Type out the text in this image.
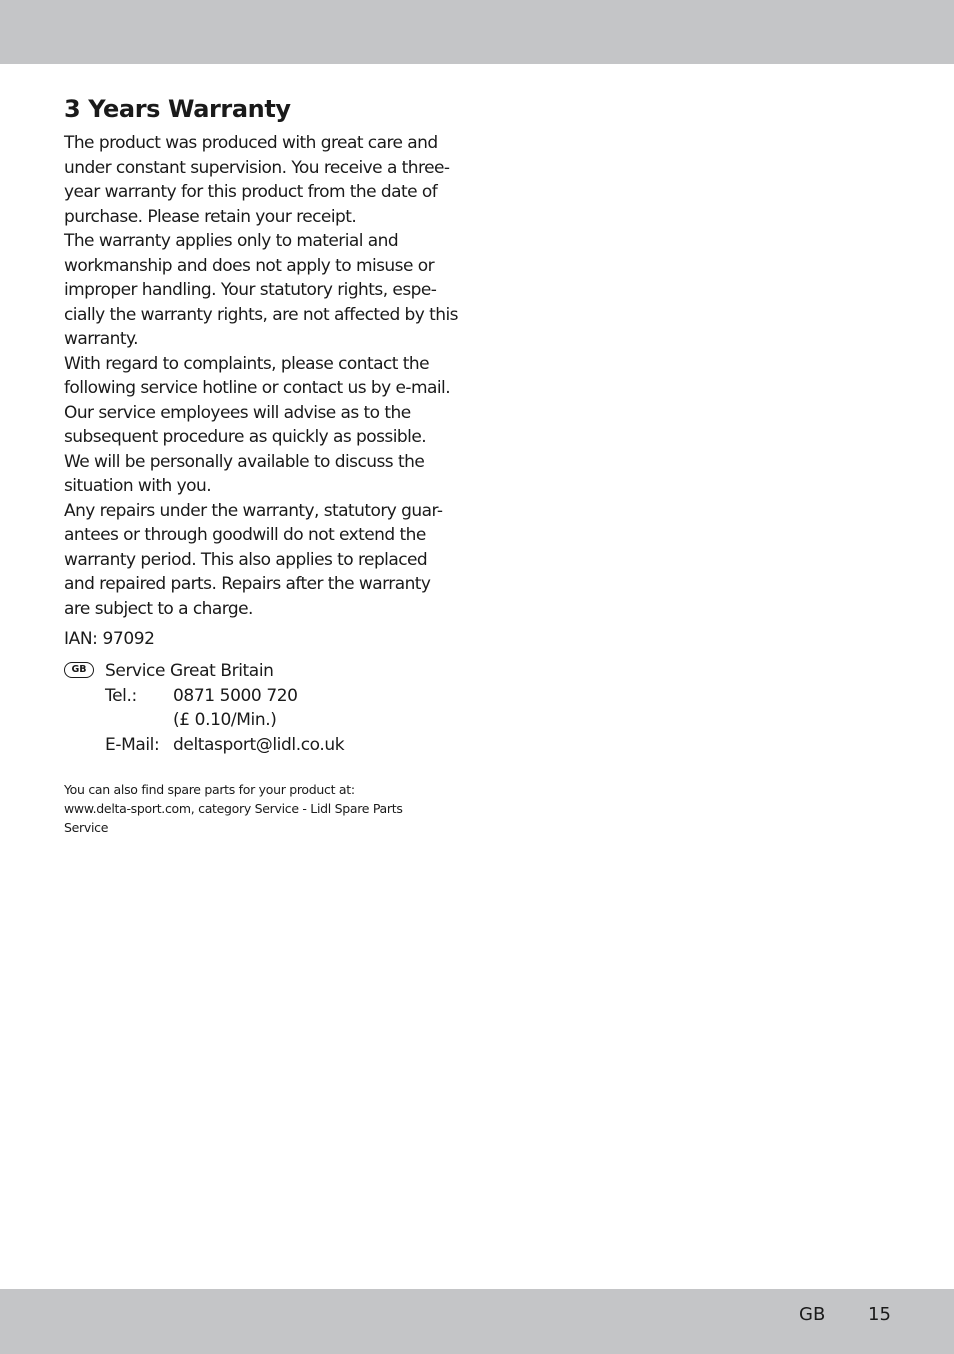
3 Years Warranty

The product was produced with great care and
under constant supervision. You receive a three-
year warranty for this product from the date of
purchase. Please retain your receipt.

The warranty applies only to material and
workmanship and does not apply to misuse or
improper handling. Your statutory rights, espe-
cially the warranty rights, are not affected by this
warranty.

With regard to complaints, please contact the
following service hotline or contact us by e-mail.
Our service employees will advise as to the
subsequent procedure as quickly as possible.
We will be personally available to discuss the
situation with you.

Any repairs under the warranty, statutory guar-
antees or through goodwill do not extend the
warranty period. This also applies to replaced
and repaired parts. Repairs after the warranty
are subject to a charge.

IAN: 97092
GB	Service Great Britain
Tel.: 0871 5000 720
(£ 0.10/Min.)
E-Mail: deltasport@lidl.co.uk
You can also find spare parts for your product at:
www.delta-sport.com, category Service - Lidl Spare Parts
Service
GB 15
